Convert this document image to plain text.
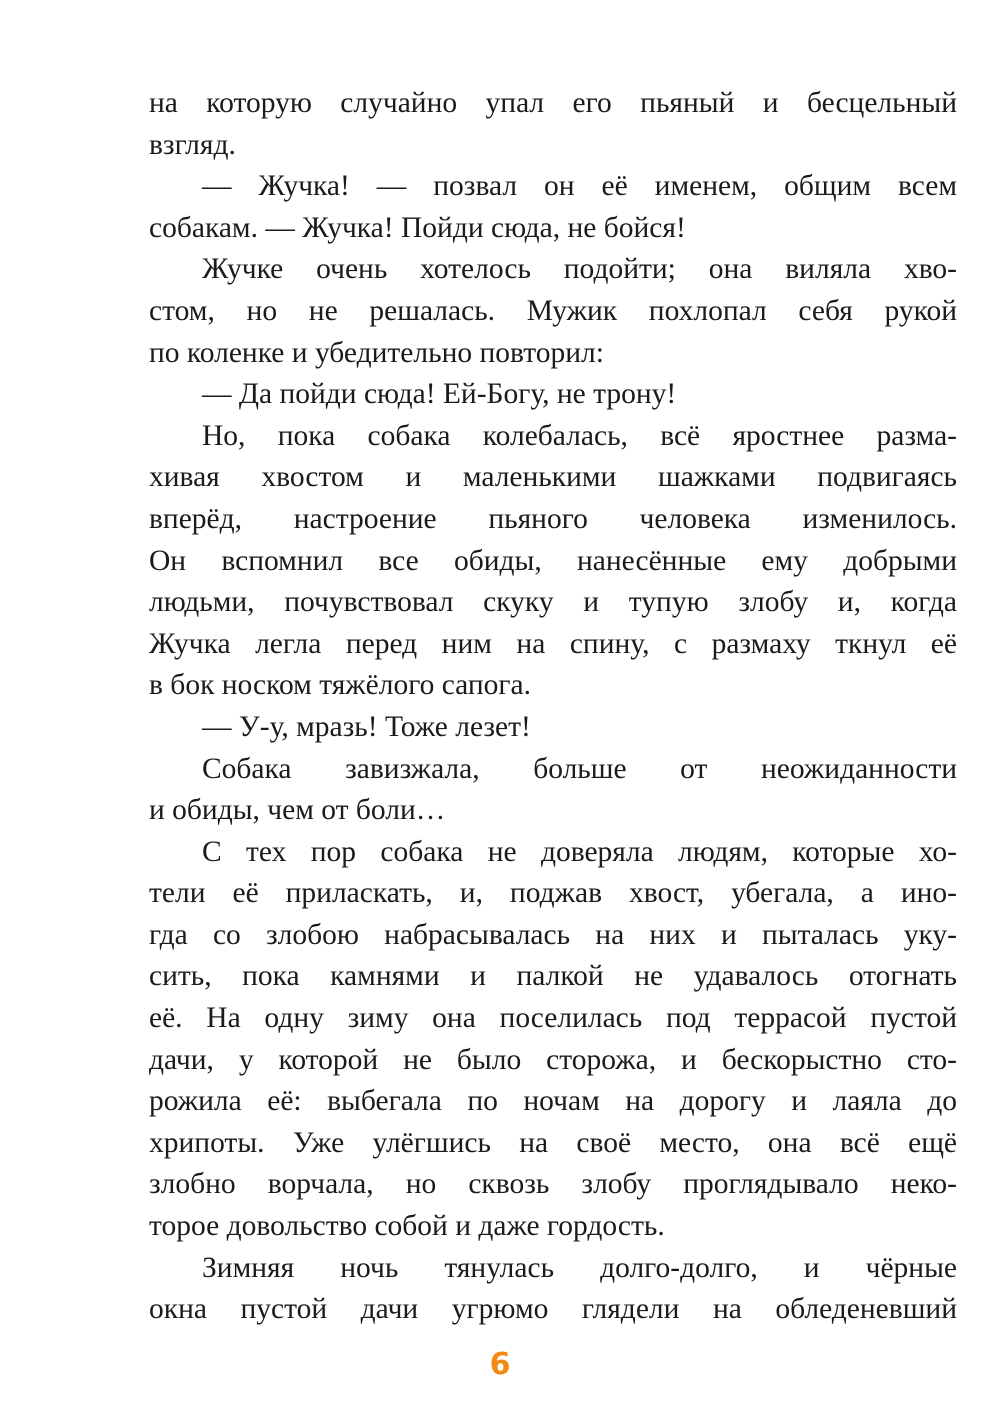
на которую случайно упал его пьяный и бесцельный
взгляд.
— Жучка! — позвал он её именем, общим всем
собакам. — Жучка! Пойди сюда, не бойся!
Жучке очень хотелось подойти; она виляла хво-
стом, но не решалась. Мужик похлопал себя рукой
по коленке и убедительно повторил:
— Да пойди сюда! Ей-Богу, не трону!
Но, пока собака колебалась, всё яростнее разма-
хивая хвостом и маленькими шажками подвигаясь
вперёд, настроение пьяного человека изменилось.
Он вспомнил все обиды, нанесённые ему добрыми
людьми, почувствовал скуку и тупую злобу и, когда
Жучка легла перед ним на спину, с размаху ткнул её
в бок носком тяжёлого сапога.
— У-у, мразь! Тоже лезет!
Собака завизжала, больше от неожиданности
и обиды, чем от боли…
С тех пор собака не доверяла людям, которые хо-
тели её приласкать, и, поджав хвост, убегала, а ино-
гда со злобою набрасывалась на них и пыталась уку-
сить, пока камнями и палкой не удавалось отогнать
её. На одну зиму она поселилась под террасой пустой
дачи, у которой не было сторожа, и бескорыстно сто-
рожила её: выбегала по ночам на дорогу и лаяла до
хрипоты. Уже улёгшись на своё место, она всё ещё
злобно ворчала, но сквозь злобу проглядывало неко-
торое довольство собой и даже гордость.
Зимняя ночь тянулась долго-долго, и чёрные
окна пустой дачи угрюмо глядели на обледеневший
6
